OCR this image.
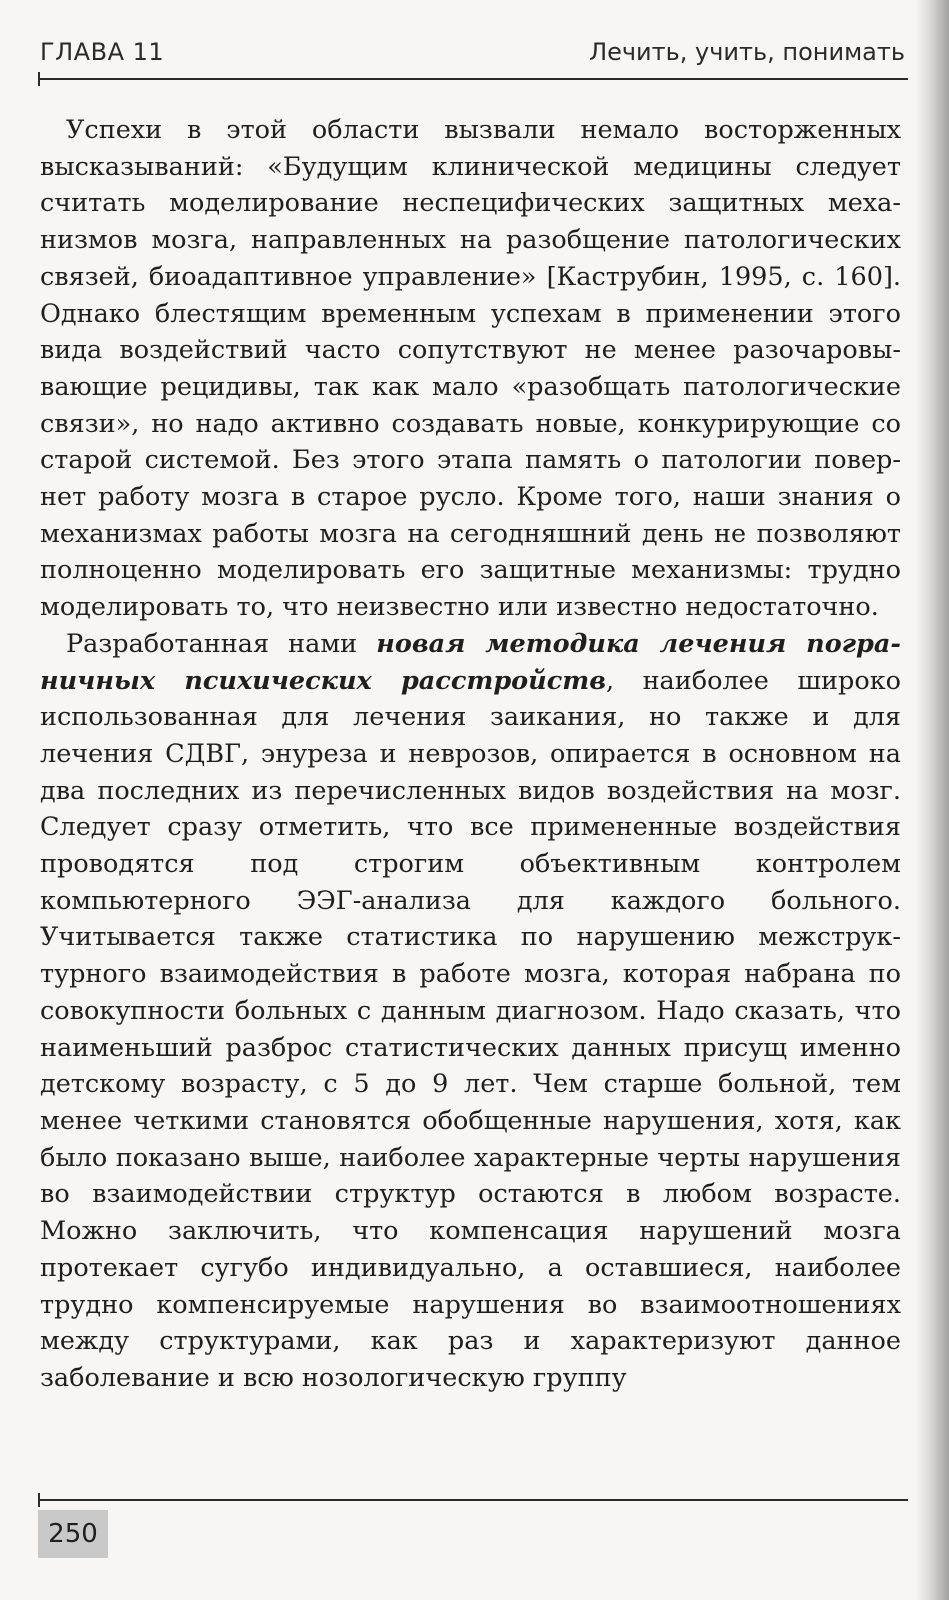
ГЛАВА 11	Лечить, учить, понимать

Успехи в этой области вызвали немало восторженных высказываний: «Будущим клинической медицины следует считать моделирование неспецифических защитных механизмов мозга, направленных на разобщение патологических связей, биоадаптивное управление» [Каструбин, 1995, с. 160]. Однако блестящим временным успехам в применении этого вида воздействий часто сопутствуют не менее разочаровывающие рецидивы, так как мало «разобщать патологические связи», но надо активно создавать новые, конкурирующие со старой системой. Без этого этапа память о патологии повернет работу мозга в старое русло. Кроме того, наши знания о механизмах работы мозга на сегодняшний день не позволяют полноценно моделировать его защитные механизмы: трудно моделировать то, что неизвестно или известно недостаточно.

Разработанная нами новая методика лечения пограничных психических расстройств, наиболее широко использованная для лечения заикания, но также и для лечения СДВГ, энуреза и неврозов, опирается в основном на два последних из перечисленных видов воздействия на мозг. Следует сразу отметить, что все примененные воздействия проводятся под строгим объективным контролем компьютерного ЭЭГ-анализа для каждого больного. Учитывается также статистика по нарушению межструктурного взаимодействия в работе мозга, которая набрана по совокупности больных с данным диагнозом. Надо сказать, что наименьший разброс статистических данных присущ именно детскому возрасту, с 5 до 9 лет. Чем старше больной, тем менее четкими становятся обобщенные нарушения, хотя, как было показано выше, наиболее характерные черты нарушения во взаимодействии структур остаются в любом возрасте. Можно заключить, что компенсация нарушений мозга протекает сугубо индивидуально, а оставшиеся, наиболее трудно компенсируемые нарушения во взаимоотношениях между структурами, как раз и характеризуют данное заболевание и всю нозологическую группу

250
